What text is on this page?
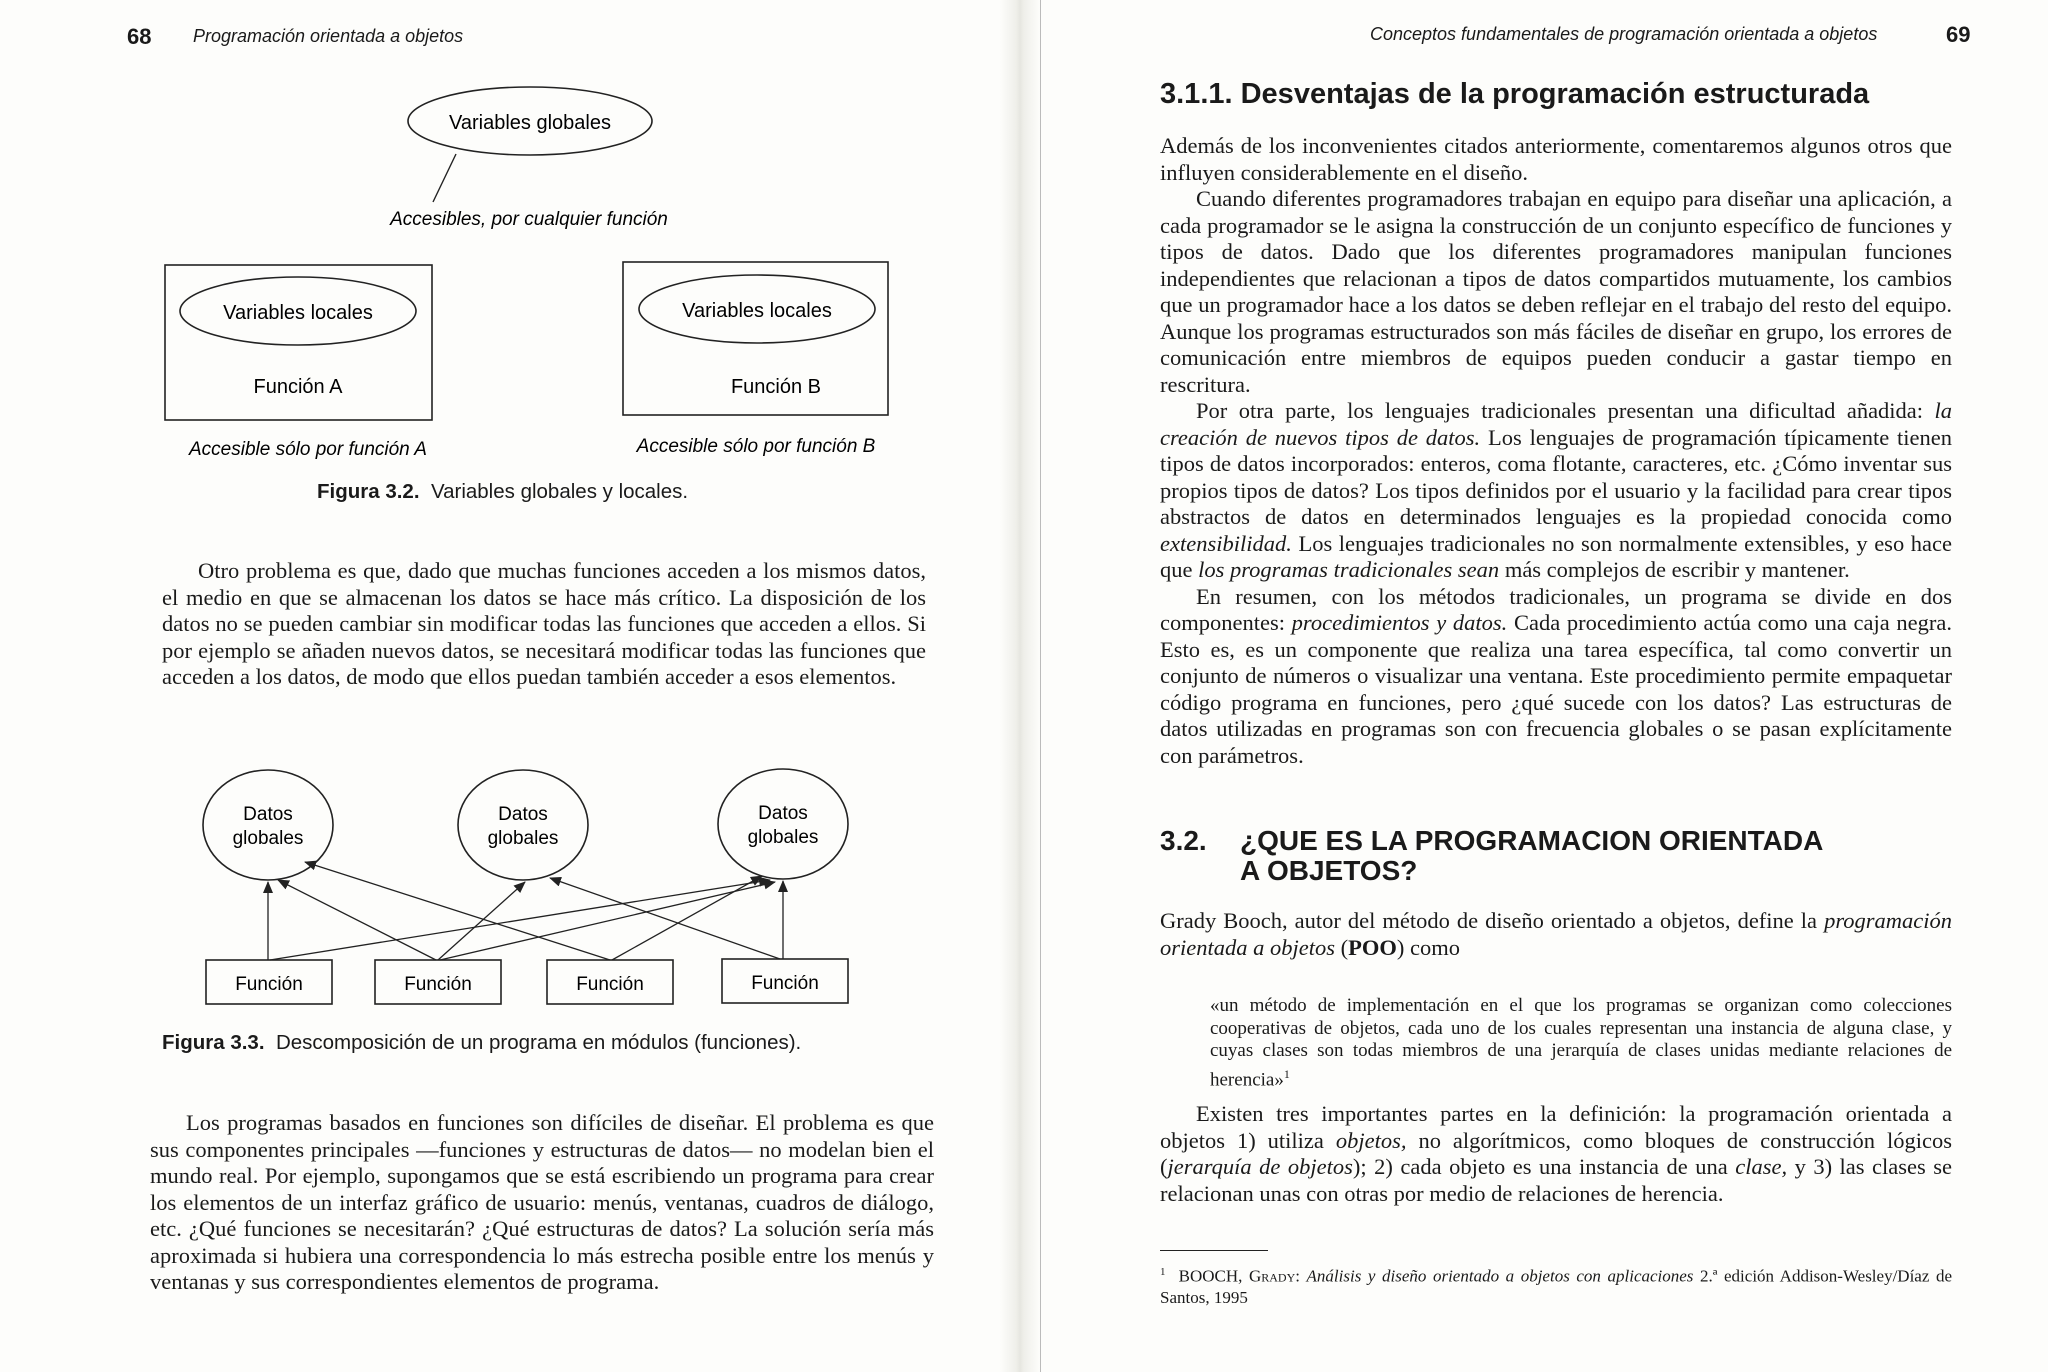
68 Programación orientada a objetos
Variables globales
Accesibles, por cualquier función
Variables locales
Función A
Accesible sólo por función A
Variables locales
Función B
Accesible sólo por función B
Figura 3.2. Variables globales y locales.

Otro problema es que, dado que muchas funciones acceden a los mismos datos, el medio en que se almacenan los datos se hace más crítico. La disposición de los datos no se pueden cambiar sin modificar todas las funciones que acceden a ellos. Si por ejemplo se añaden nuevos datos, se necesitará modificar todas las funciones que acceden a los datos, de modo que ellos puedan también acceder a esos elementos.

Datos
globales
Datos
globales
Datos
globales
Función	Función	Función	Función
Figura 3.3. Descomposición de un programa en módulos (funciones).

Los programas basados en funciones son difíciles de diseñar. El problema es que sus componentes principales —funciones y estructuras de datos— no modelan bien el mundo real. Por ejemplo, supongamos que se está escribiendo un programa para crear los elementos de un interfaz gráfico de usuario: menús, ventanas, cuadros de diálogo, etc. ¿Qué funciones se necesitarán? ¿Qué estructuras de datos? La solución sería más aproximada si hubiera una correspondencia lo más estrecha posible entre los menús y ventanas y sus correspondientes elementos de programa.

Conceptos fundamentales de programación orientada a objetos	69
3.1.1. Desventajas de la programación estructurada

Además de los inconvenientes citados anteriormente, comentaremos algunos otros que influyen considerablemente en el diseño.

Cuando diferentes programadores trabajan en equipo para diseñar una aplicación, a cada programador se le asigna la construcción de un conjunto específico de funciones y tipos de datos. Dado que los diferentes programadores manipulan funciones independientes que relacionan a tipos de datos compartidos mutuamente, los cambios que un programador hace a los datos se deben reflejar en el trabajo del resto del equipo. Aunque los programas estructurados son más fáciles de diseñar en grupo, los errores de comunicación entre miembros de equipos pueden conducir a gastar tiempo en rescritura.

Por otra parte, los lenguajes tradicionales presentan una dificultad añadida: la creación de nuevos tipos de datos. Los lenguajes de programación típicamente tienen tipos de datos incorporados: enteros, coma flotante, caracteres, etc. ¿Cómo inventar sus propios tipos de datos? Los tipos definidos por el usuario y la facilidad para crear tipos abstractos de datos en determinados lenguajes es la propiedad conocida como extensibilidad. Los lenguajes tradicionales no son normalmente extensibles, y eso hace que los programas tradicionales sean más complejos de escribir y mantener.

En resumen, con los métodos tradicionales, un programa se divide en dos componentes: procedimientos y datos. Cada procedimiento actúa como una caja negra. Esto es, es un componente que realiza una tarea específica, tal como convertir un conjunto de números o visualizar una ventana. Este procedimiento permite empaquetar código programa en funciones, pero ¿qué sucede con los datos? Las estructuras de datos utilizadas en programas son con frecuencia globales o se pasan explícitamente con parámetros.

3.2.	¿QUE ES LA PROGRAMACION ORIENTADA
A OBJETOS?

Grady Booch, autor del método de diseño orientado a objetos, define la programación orientada a objetos (POO) como

«un método de implementación en el que los programas se organizan como colecciones cooperativas de objetos, cada uno de los cuales representan una instancia de alguna clase, y cuyas clases son todas miembros de una jerarquía de clases unidas mediante relaciones de herencia»$^1$

Existen tres importantes partes en la definición: la programación orientada a objetos 1) utiliza objetos, no algorítmicos, como bloques de construcción lógicos (jerarquía de objetos); 2) cada objeto es una instancia de una clase, y 3) las clases se relacionan unas con otras por medio de relaciones de herencia.

$^1$ BOOCH, Grady: Análisis y diseño orientado a objetos con aplicaciones 2.ª edición Addison-Wesley/Díaz de Santos, 1995
